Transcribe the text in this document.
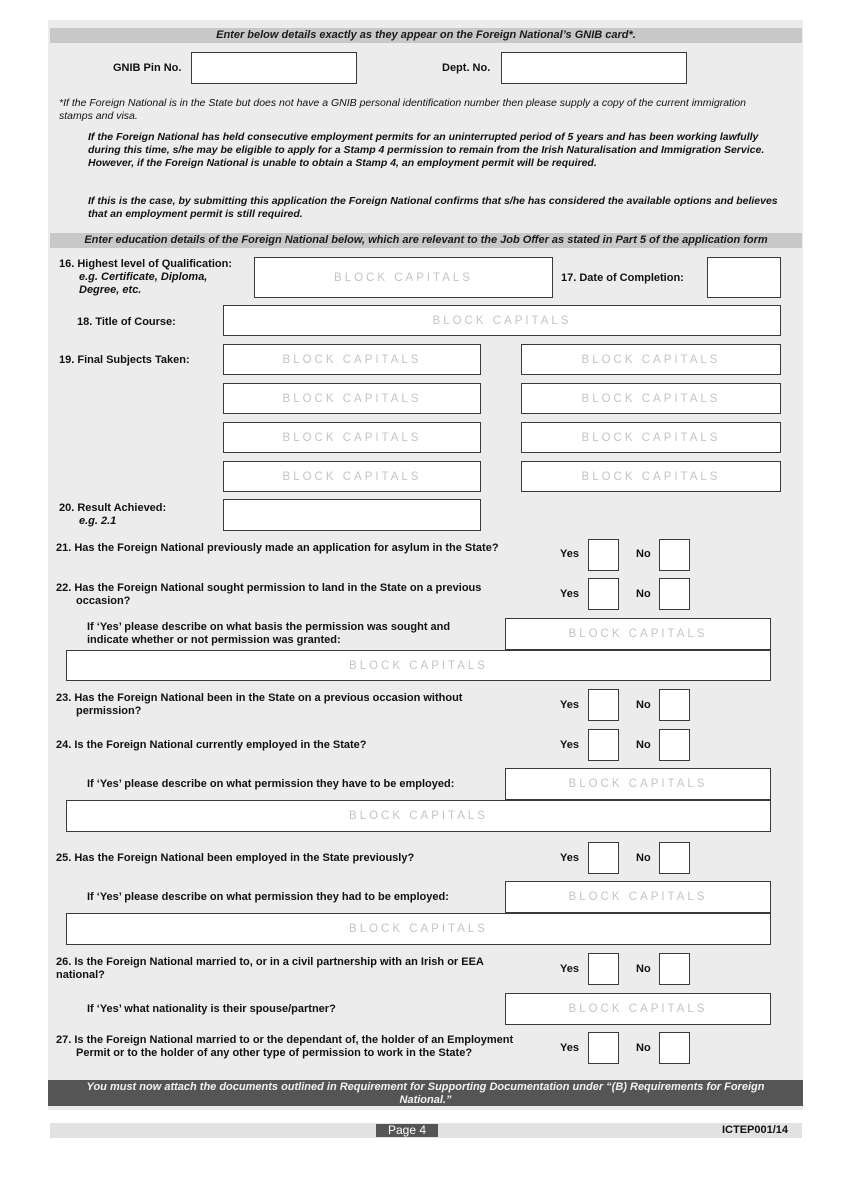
Enter below details exactly as they appear on the Foreign National’s GNIB card*.
GNIB Pin No.	Dept. No.
*If the Foreign National is in the State but does not have a GNIB personal identification number then please supply a copy of the current immigration stamps and visa.
If the Foreign National has held consecutive employment permits for an uninterrupted period of 5 years and has been working lawfully during this time, s/he may be eligible to apply for a Stamp 4 permission to remain from the Irish Naturalisation and Immigration Service. However, if the Foreign National is unable to obtain a Stamp 4, an employment permit will be required.
If this is the case, by submitting this application the Foreign National confirms that s/he has considered the available options and believes that an employment permit is still required.
Enter education details of the Foreign National below, which are relevant to the Job Offer as stated in Part 5 of the application form
16. Highest level of Qualification:
e.g. Certificate, Diploma, Degree, etc.
BLOCK CAPITALS	17. Date of Completion:
18. Title of Course:	BLOCK CAPITALS
19. Final Subjects Taken:	BLOCK CAPITALS	BLOCK CAPITALS
BLOCK CAPITALS	BLOCK CAPITALS
BLOCK CAPITALS	BLOCK CAPITALS
BLOCK CAPITALS	BLOCK CAPITALS
20. Result Achieved:
e.g. 2.1
21. Has the Foreign National previously made an application for asylum in the State?	Yes	No
22. Has the Foreign National sought permission to land in the State on a previous occasion?
Yes	No
If ‘Yes’ please describe on what basis the permission was sought and indicate whether or not permission was granted:	BLOCK CAPITALS
BLOCK CAPITALS
23. Has the Foreign National been in the State on a previous occasion without permission?	Yes	No
24. Is the Foreign National currently employed in the State?	Yes	No
If ‘Yes’ please describe on what permission they have to be employed:	BLOCK CAPITALS
BLOCK CAPITALS
25. Has the Foreign National been employed in the State previously?	Yes	No
If ‘Yes’ please describe on what permission they had to be employed:	BLOCK CAPITALS
BLOCK CAPITALS
26. Is the Foreign National married to, or in a civil partnership with an Irish or EEA national?	Yes	No
If ‘Yes’ what nationality is their spouse/partner?	BLOCK CAPITALS
27. Is the Foreign National married to or the dependant of, the holder of an Employment Permit or to the holder of any other type of permission to work in the State?	Yes	No
You must now attach the documents outlined in Requirement for Supporting Documentation under “(B) Requirements for Foreign National.”
Page 4	ICTEP001/14
